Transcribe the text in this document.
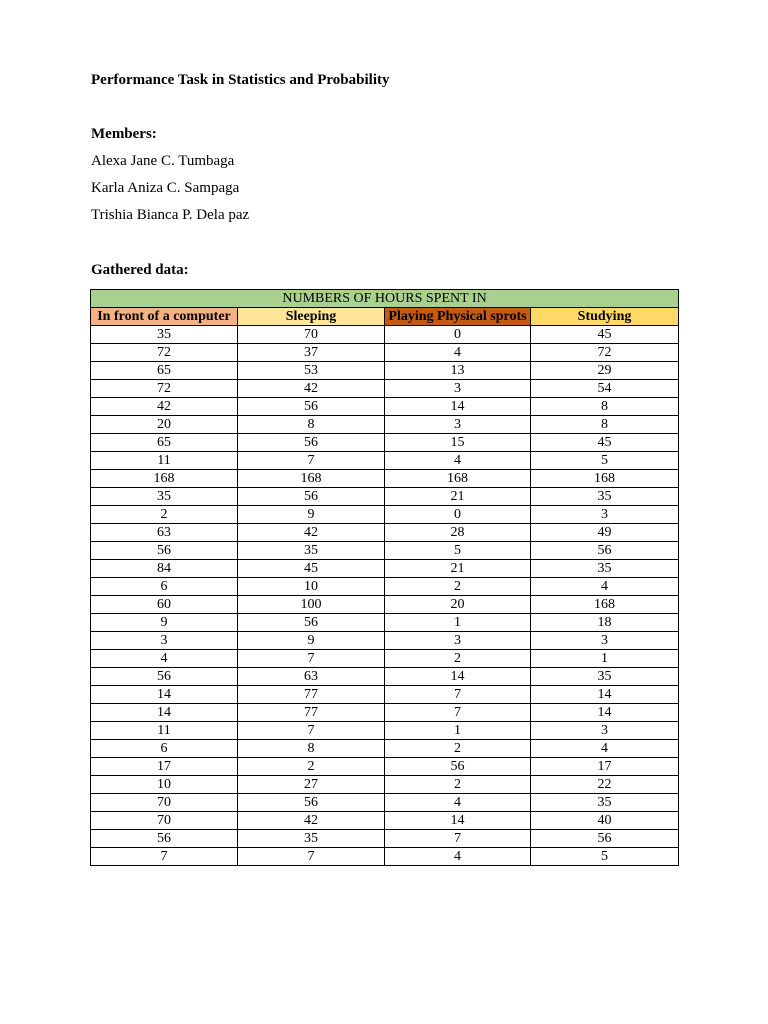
Performance Task in Statistics and Probability
Members:
Alexa Jane C. Tumbaga
Karla Aniza C. Sampaga
Trishia Bianca P. Dela paz
Gathered data:
NUMBERS OF HOURS SPENT IN			
In front of a computer	Sleeping	Playing Physical sprots	Studying
35	70	0	45
72	37	4	72
65	53	13	29
72	42	3	54
42	56	14	8
20	8	3	8
65	56	15	45
11	7	4	5
168	168	168	168
35	56	21	35
2	9	0	3
63	42	28	49
56	35	5	56
84	45	21	35
6	10	2	4
60	100	20	168
9	56	1	18
3	9	3	3
4	7	2	1
56	63	14	35
14	77	7	14
14	77	7	14
11	7	1	3
6	8	2	4
17	2	56	17
10	27	2	22
70	56	4	35
70	42	14	40
56	35	7	56
7	7	4	5
